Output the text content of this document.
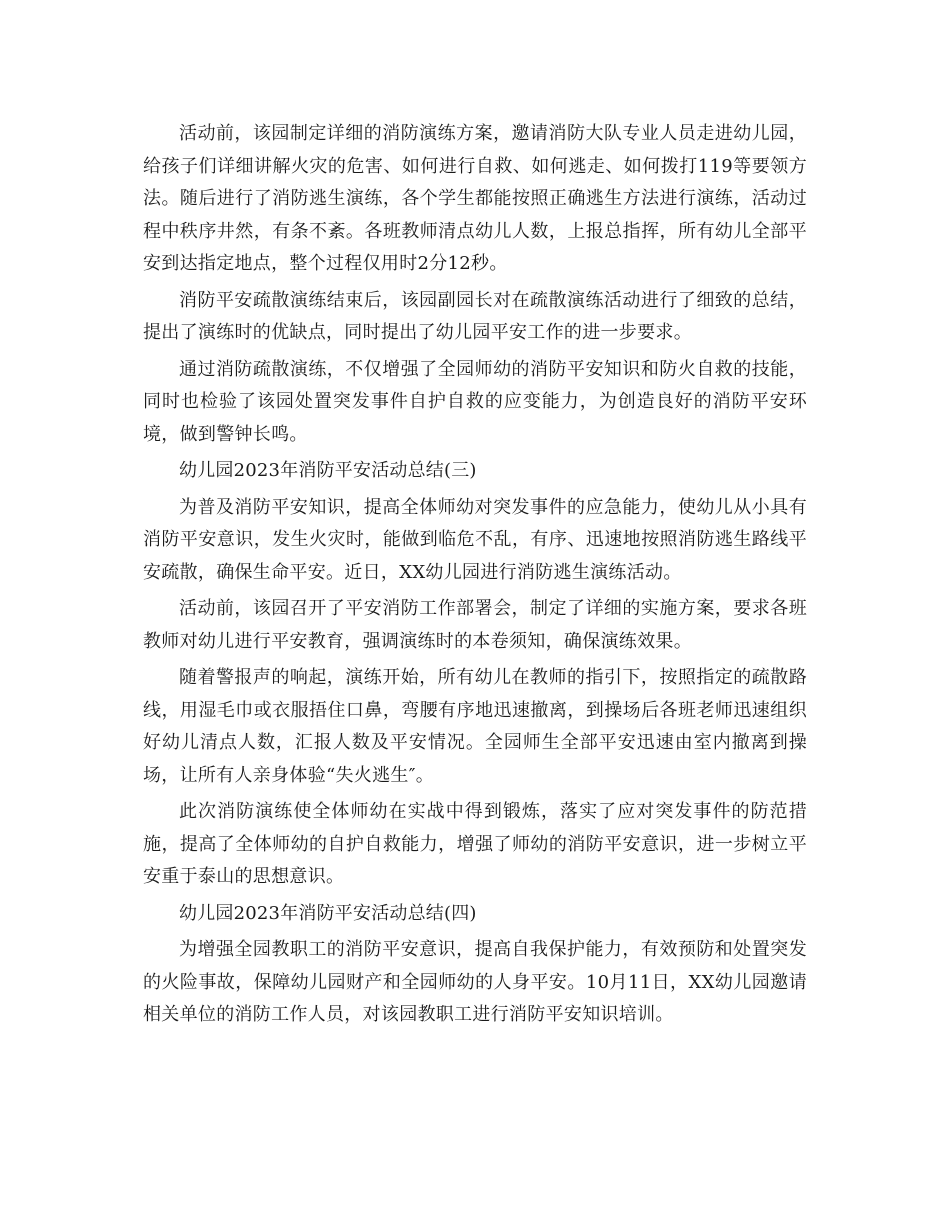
活动前，该园制定详细的消防演练方案，邀请消防大队专业人员走进幼儿园，给孩子们详细讲解火灾的危害、如何进行自救、如何逃走、如何拨打119等要领方法。随后进行了消防逃生演练，各个学生都能按照正确逃生方法进行演练，活动过程中秩序井然，有条不紊。各班教师清点幼儿人数，上报总指挥，所有幼儿全部平安到达指定地点，整个过程仅用时2分12秒。

消防平安疏散演练结束后，该园副园长对在疏散演练活动进行了细致的总结，提出了演练时的优缺点，同时提出了幼儿园平安工作的进一步要求。

通过消防疏散演练，不仅增强了全园师幼的消防平安知识和防火自救的技能，同时也检验了该园处置突发事件自护自救的应变能力，为创造良好的消防平安环境，做到警钟长鸣。

幼儿园2023年消防平安活动总结(三)

为普及消防平安知识，提高全体师幼对突发事件的应急能力，使幼儿从小具有消防平安意识，发生火灾时，能做到临危不乱，有序、迅速地按照消防逃生路线平安疏散，确保生命平安。近日，XX幼儿园进行消防逃生演练活动。

活动前，该园召开了平安消防工作部署会，制定了详细的实施方案，要求各班教师对幼儿进行平安教育，强调演练时的本卷须知，确保演练效果。

随着警报声的响起，演练开始，所有幼儿在教师的指引下，按照指定的疏散路线，用湿毛巾或衣服捂住口鼻，弯腰有序地迅速撤离，到操场后各班老师迅速组织好幼儿清点人数，汇报人数及平安情况。全园师生全部平安迅速由室内撤离到操场，让所有人亲身体验“失火逃生″。

此次消防演练使全体师幼在实战中得到锻炼，落实了应对突发事件的防范措施，提高了全体师幼的自护自救能力，增强了师幼的消防平安意识，进一步树立平安重于泰山的思想意识。

幼儿园2023年消防平安活动总结(四)

为增强全园教职工的消防平安意识，提高自我保护能力，有效预防和处置突发的火险事故，保障幼儿园财产和全园师幼的人身平安。10月11日，XX幼儿园邀请相关单位的消防工作人员，对该园教职工进行消防平安知识培训。
